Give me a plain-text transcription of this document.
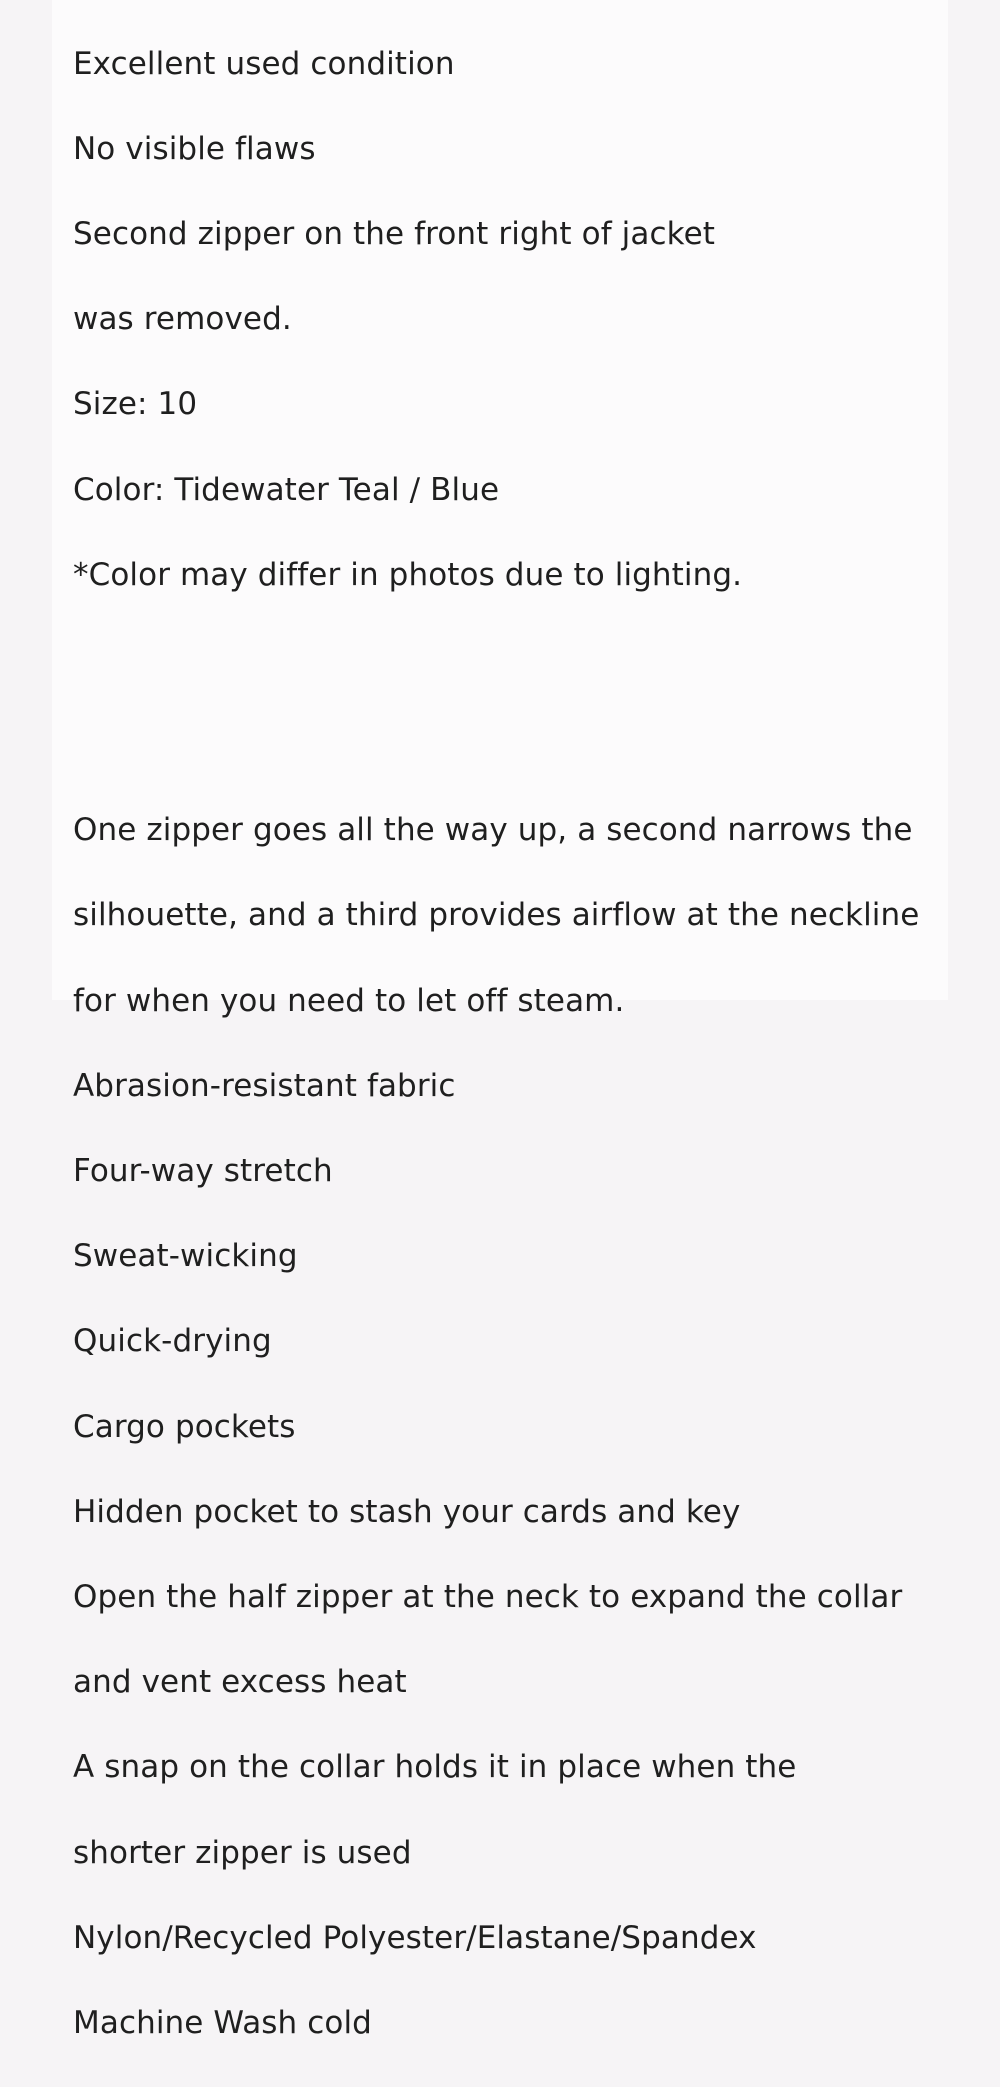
Excellent used condition

No visible flaws

Second zipper on the front right of jacket

was removed.

Size: 10

Color: Tidewater Teal / Blue

*Color may differ in photos due to lighting.

One zipper goes all the way up, a second narrows the

silhouette, and a third provides airflow at the neckline

for when you need to let off steam.

Abrasion-resistant fabric

Four-way stretch

Sweat-wicking

Quick-drying

Cargo pockets

Hidden pocket to stash your cards and key

Open the half zipper at the neck to expand the collar

and vent excess heat

A snap on the collar holds it in place when the

shorter zipper is used

Nylon/Recycled Polyester/Elastane/Spandex

Machine Wash cold
